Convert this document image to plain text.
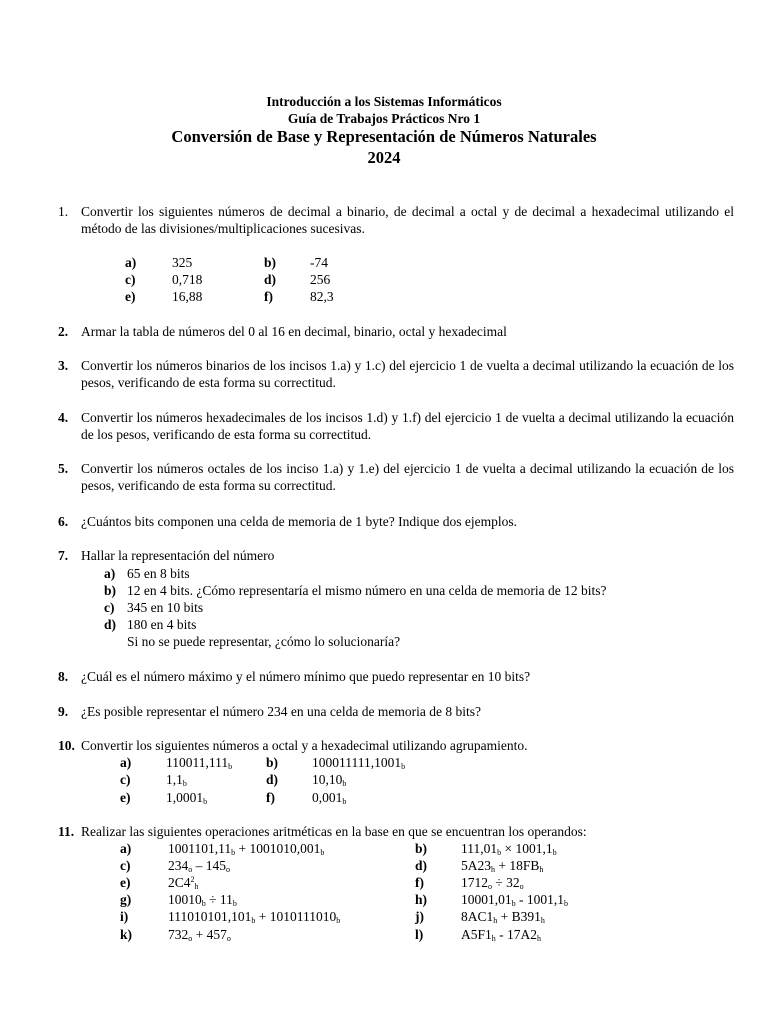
Introducción a los Sistemas Informáticos
Guía de Trabajos Prácticos Nro 1
Conversión de Base y Representación de Números Naturales
2024
1. Convertir los siguientes números de decimal a binario, de decimal a octal y de decimal a hexadecimal utilizando el método de las divisiones/multiplicaciones sucesivas.
a)	325	b)	-74
c)	0,718	d)	256
e)	16,88	f)	82,3
2. Armar la tabla de números del 0 al 16 en decimal, binario, octal y hexadecimal
3. Convertir los números binarios de los incisos 1.a) y 1.c) del ejercicio 1 de vuelta a decimal utilizando la ecuación de los pesos, verificando de esta forma su correctitud.
4. Convertir los números hexadecimales de los incisos 1.d) y 1.f) del ejercicio 1 de vuelta a decimal utilizando la ecuación de los pesos, verificando de esta forma su correctitud.
5. Convertir los números octales de los inciso 1.a) y 1.e) del ejercicio 1 de vuelta a decimal utilizando la ecuación de los pesos, verificando de esta forma su correctitud.
6. ¿Cuántos bits componen una celda de memoria de 1 byte? Indique dos ejemplos.
7. Hallar la representación del número
a) 65 en 8 bits
b) 12 en 4 bits. ¿Cómo representaría el mismo número en una celda de memoria de 12 bits?
c) 345 en 10 bits
d) 180 en 4 bits
Si no se puede representar, ¿cómo lo solucionaría?
8. ¿Cuál es el número máximo y el número mínimo que puedo representar en 10 bits?
9. ¿Es posible representar el número 234 en una celda de memoria de 8 bits?
10. Convertir los siguientes números a octal y a hexadecimal utilizando agrupamiento.
a)	$110011,111_b$	b)	$100011111,1001_b$
c)	$1,1_b$	d)	$10,10_b$
e)	$1,0001_b$	f)	$0,001_b$
11. Realizar las siguientes operaciones aritméticas en la base en que se encuentran los operandos:
a)	$1001101,11_b + 1001010,001_b$	b)	$111,01_b \times 1001,1_b$
c)	$234_o - 145_o$	d)	$5A23_h + 18FB_h$
e)	$2C4^2_h$	f)	$1712_o \div 32_o$
g)	$10010_b \div 11_b$	h)	$10001,01_b - 1001,1_b$
i)	$111010101,101_b + 1010111010_b$	j)	$8AC1_h + B391_h$
k)	$732_o + 457_o$	l)	$A5F1_h - 17A2_h$
